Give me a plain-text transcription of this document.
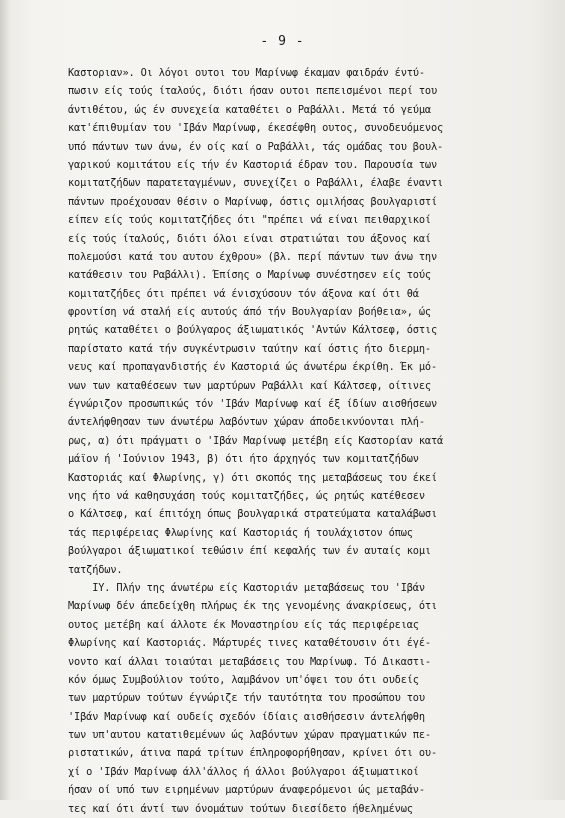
- 9 -
Καστοριαν». Οι λόγοι ουτοι του Μαρίνωφ έκαμαν φαιδράν έντύ-
πωσιν είς τούς ίταλούς, διότι ήσαν ουτοι πεπεισμένοι περί του
άντιθέτου, ώς έν συνεχεία καταθέτει ο Ραβάλλι. Μετά τό γεύμα
κατ'έπιθυμίαν του 'Ιβάν Μαρίνωφ, έκεσέφθη ουτος, συνοδευόμενος
υπό πάντων των άνω, έν οίς καί ο Ραβάλλι, τάς ομάδας του βουλ-
γαρικού κομιτάτου είς τήν έν Καστοριά έδραν του. Παρουσία των
κομιτατζήδων παρατεταγμένων, συνεχίζει ο Ραβάλλι, έλαβε έναντι
πάντων προέχουσαν θέσιν ο Μαρίνωφ, όστις ομιλήσας βουλγαριστί
είπεν είς τούς κομιτατζήδες ότι "πρέπει νά είναι πειθαρχικοί
είς τούς ίταλούς, διότι όλοι είναι στρατιώται του άξονος καί
πολεμούσι κατά του αυτου έχθρου» (βλ. περί πάντων των άνω την
κατάθεσιν του Ραβάλλι). Έπίσης ο Μαρίνωφ συνέστησεν είς τούς
κομιτατζήδες ότι πρέπει νά ένισχύσουν τόν άξονα καί ότι θά
φροντίση νά σταλή είς αυτούς άπό τήν Βουλγαρίαν βοήθεια», ώς
ρητώς καταθέτει ο βούλγαρος άξιωματικός 'Αντών Κάλτσεφ, όστις
παρίστατο κατά τήν συγκέντρωσιν ταύτην καί όστις ήτο διερμη-
νευς καί προπαγανδιστής έν Καστοριά ώς άνωτέρω έκρίθη. Έκ μό-
νων των καταθέσεων των μαρτύρων Ραβάλλι καί Κάλτσεφ, οίτινες
έγνώριζον προσωπικώς τόν 'Ιβάν Μαρίνωφ καί έξ ίδίων αισθήσεων
άντελήφθησαν των άνωτέρω λαβόντων χώραν άποδεικνύονται πλή-
ρως, α) ότι πράγματι ο 'Ιβάν Μαρίνωφ μετέβη είς Καστορίαν κατά
μάϊον ή 'Ιούνιον 1943, β) ότι ήτο άρχηγός των κομιτατζήδων
Καστοριάς καί Φλωρίνης, γ) ότι σκοπός της μεταβάσεως του έκεί
νης ήτο νά καθησυχάση τούς κομιτατζήδες, ώς ρητώς κατέθεσεν
ο Κάλτσεφ, καί έπιτόχη όπως βουλγαρικά στρατεύματα καταλάβωσι
τάς περιφέρειας Φλωρίνης καί Καστοριάς ή τουλάχιστον όπως
βούλγαροι άξιωματικοί τεθώσιν έπί κεφαλής των έν αυταίς κομι
τατζήδων.
ΙΥ. Πλήν της άνωτέρω είς Καστοριάν μεταβάσεως του 'Ιβάν
Μαρίνωφ δέν άπεδείχθη πλήρως έκ της γενομένης άνακρίσεως, ότι
ουτος μετέβη καί άλλοτε έκ Μοναστηρίου είς τάς περιφέρειας
Φλωρίνης καί Καστοριάς. Μάρτυρές τινες καταθέτουσιν ότι έγέ-
νοντο καί άλλαι τοιαύται μεταβάσεις του Μαρίνωφ. Τό Δικαστι-
κόν όμως Συμβούλιον τούτο, λαμβάνον υπ'όψει του ότι ουδείς
των μαρτύρων τούτων έγνώριζε τήν ταυτότητα του προσώπου του
'Ιβάν Μαρίνωφ καί ουδείς σχεδόν ίδίαις αισθήσεσιν άντελήφθη
των υπ'αυτου κατατιθεμένων ώς λαβόντων χώραν πραγματικών πε-
ριστατικών, άτινα παρά τρίτων έπληροφορήθησαν, κρίνει ότι ου-
χί ο 'Ιβάν Μαρίνωφ άλλ'άλλος ή άλλοι βούλγαροι άξιωματικοί
ήσαν οί υπό των ειρημένων μαρτύρων άναφερόμενοι ώς μεταβάν-
τες καί ότι άντί των όνομάτων τούτων διεσίδετο ήθελημένως
